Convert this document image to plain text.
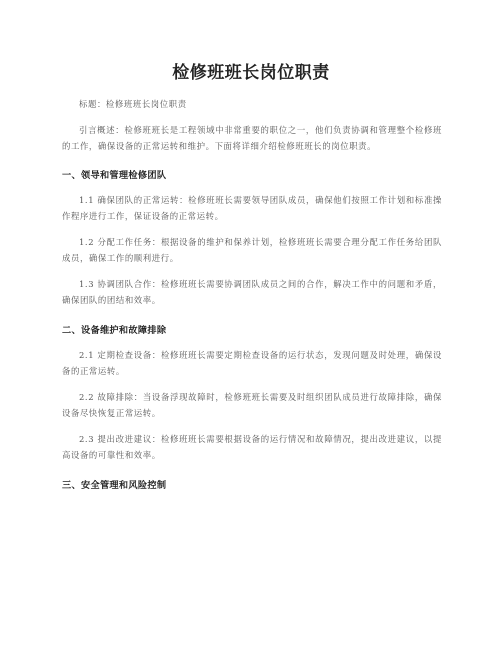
检修班班长岗位职责

标题：检修班班长岗位职责

引言概述：检修班班长是工程领域中非常重要的职位之一，他们负责协调和管理整个检修班的工作，确保设备的正常运转和维护。下面将详细介绍检修班班长的岗位职责。

一、领导和管理检修团队

1.1 确保团队的正常运转：检修班班长需要领导团队成员，确保他们按照工作计划和标准操作程序进行工作，保证设备的正常运转。

1.2 分配工作任务：根据设备的维护和保养计划，检修班班长需要合理分配工作任务给团队成员，确保工作的顺利进行。

1.3 协调团队合作：检修班班长需要协调团队成员之间的合作，解决工作中的问题和矛盾，确保团队的团结和效率。

二、设备维护和故障排除

2.1 定期检查设备：检修班班长需要定期检查设备的运行状态，发现问题及时处理，确保设备的正常运转。

2.2 故障排除：当设备浮现故障时，检修班班长需要及时组织团队成员进行故障排除，确保设备尽快恢复正常运转。

2.3 提出改进建议：检修班班长需要根据设备的运行情况和故障情况，提出改进建议，以提高设备的可靠性和效率。

三、安全管理和风险控制
